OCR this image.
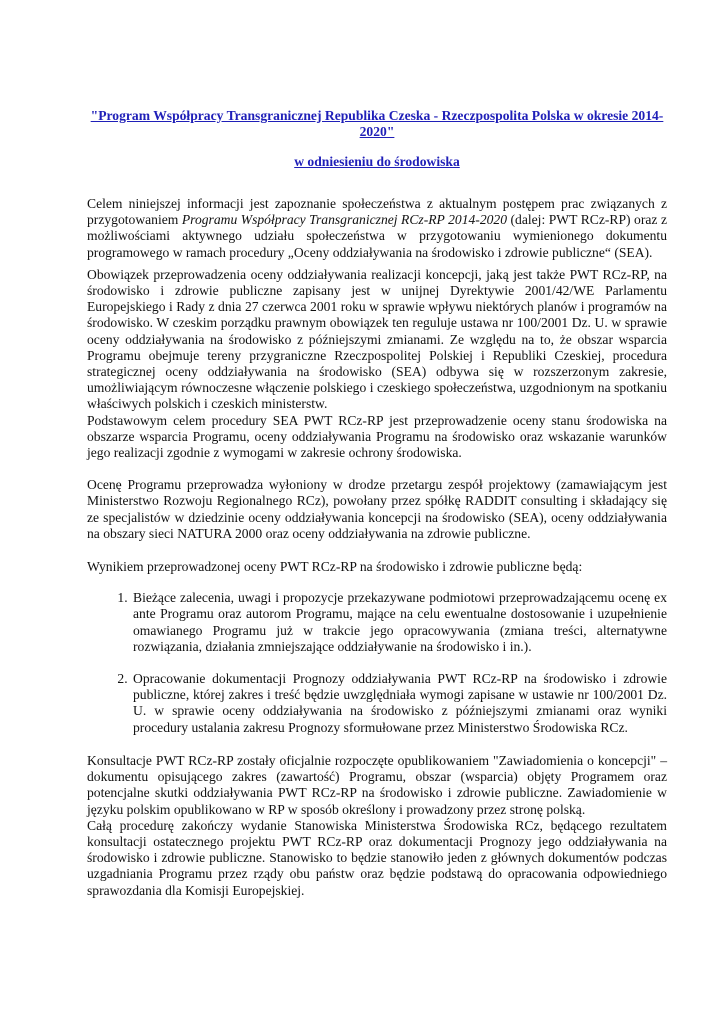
"Program Współpracy Transgranicznej Republika Czeska - Rzeczpospolita Polska w okresie 2014-2020"
w odniesieniu do środowiska

Celem niniejszej informacji jest zapoznanie społeczeństwa z aktualnym postępem prac związanych z przygotowaniem Programu Współpracy Transgranicznej RCz-RP 2014-2020 (dalej: PWT RCz-RP) oraz z możliwościami aktywnego udziału społeczeństwa w przygotowaniu wymienionego dokumentu programowego w ramach procedury „Oceny oddziaływania na środowisko i zdrowie publiczne“ (SEA).

Obowiązek przeprowadzenia oceny oddziaływania realizacji koncepcji, jaką jest także PWT RCz-RP, na środowisko i zdrowie publiczne zapisany jest w unijnej Dyrektywie 2001/42/WE Parlamentu Europejskiego i Rady z dnia 27 czerwca 2001 roku w sprawie wpływu niektórych planów i programów na środowisko. W czeskim porządku prawnym obowiązek ten reguluje ustawa nr 100/2001 Dz. U. w sprawie oceny oddziaływania na środowisko z późniejszymi zmianami. Ze względu na to, że obszar wsparcia Programu obejmuje tereny przygraniczne Rzeczpospolitej Polskiej i Republiki Czeskiej, procedura strategicznej oceny oddziaływania na środowisko (SEA) odbywa się w rozszerzonym zakresie, umożliwiającym równoczesne włączenie polskiego i czeskiego społeczeństwa, uzgodnionym na spotkaniu właściwych polskich i czeskich ministerstw.

Podstawowym celem procedury SEA PWT RCz-RP jest przeprowadzenie oceny stanu środowiska na obszarze wsparcia Programu, oceny oddziaływania Programu na środowisko oraz wskazanie warunków jego realizacji zgodnie z wymogami w zakresie ochrony środowiska.

Ocenę Programu przeprowadza wyłoniony w drodze przetargu zespół projektowy (zamawiającym jest Ministerstwo Rozwoju Regionalnego RCz), powołany przez spółkę RADDIT consulting i składający się ze specjalistów w dziedzinie oceny oddziaływania koncepcji na środowisko (SEA), oceny oddziaływania na obszary sieci NATURA 2000 oraz oceny oddziaływania na zdrowie publiczne.

Wynikiem przeprowadzonej oceny PWT RCz-RP na środowisko i zdrowie publiczne będą:

1. Bieżące zalecenia, uwagi i propozycje przekazywane podmiotowi przeprowadzającemu ocenę ex ante Programu oraz autorom Programu, mające na celu ewentualne dostosowanie i uzupełnienie omawianego Programu już w trakcie jego opracowywania (zmiana treści, alternatywne rozwiązania, działania zmniejszające oddziaływanie na środowisko i in.).
2. Opracowanie dokumentacji Prognozy oddziaływania PWT RCz-RP na środowisko i zdrowie publiczne, której zakres i treść będzie uwzględniała wymogi zapisane w ustawie nr 100/2001 Dz. U. w sprawie oceny oddziaływania na środowisko z późniejszymi zmianami oraz wyniki procedury ustalania zakresu Prognozy sformułowane przez Ministerstwo Środowiska RCz.

Konsultacje PWT RCz-RP zostały oficjalnie rozpoczęte opublikowaniem "Zawiadomienia o koncepcji" – dokumentu opisującego zakres (zawartość) Programu, obszar (wsparcia) objęty Programem oraz potencjalne skutki oddziaływania PWT RCz-RP na środowisko i zdrowie publiczne. Zawiadomienie w języku polskim opublikowano w RP w sposób określony i prowadzony przez stronę polską.

Całą procedurę zakończy wydanie Stanowiska Ministerstwa Środowiska RCz, będącego rezultatem konsultacji ostatecznego projektu PWT RCz-RP oraz dokumentacji Prognozy jego oddziaływania na środowisko i zdrowie publiczne. Stanowisko to będzie stanowiło jeden z głównych dokumentów podczas uzgadniania Programu przez rządy obu państw oraz będzie podstawą do opracowania odpowiedniego sprawozdania dla Komisji Europejskiej.
